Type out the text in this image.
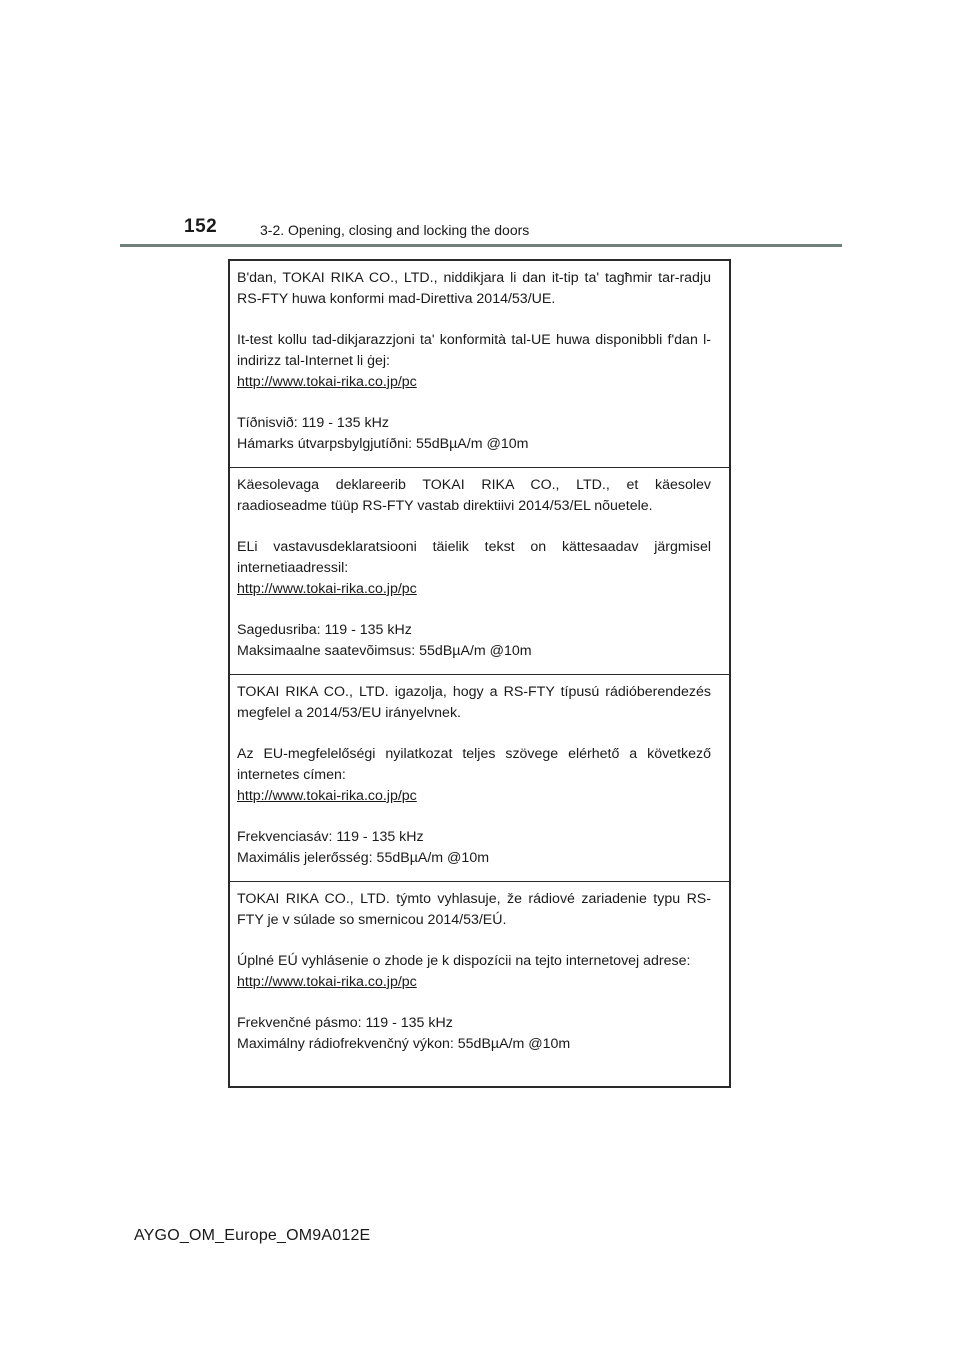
152	3-2. Opening, closing and locking the doors

B'dan, TOKAI RIKA CO., LTD., niddikjara li dan it-tip ta' tagħmir tar-radju RS-FTY huwa konformi mad-Direttiva 2014/53/UE.

It-test kollu tad-dikjarazzjoni ta' konformità tal-UE huwa disponibbli f'dan l-indirizz tal-Internet li ġej:

http://www.tokai-rika.co.jp/pc

Tíðnisvið: 119 - 135 kHz

Hámarks útvarpsbylgjutíðni: 55dBµA/m @10m

Käesolevaga deklareerib TOKAI RIKA CO., LTD., et käesolev raadioseadme tüüp RS-FTY vastab direktiivi 2014/53/EL nõuetele.

ELi vastavusdeklaratsiooni täielik tekst on kättesaadav järgmisel internetiaadressil:

http://www.tokai-rika.co.jp/pc

Sagedusriba: 119 - 135 kHz

Maksimaalne saatevõimsus: 55dBµA/m @10m

TOKAI RIKA CO., LTD. igazolja, hogy a RS-FTY típusú rádióberendezés megfelel a 2014/53/EU irányelvnek.

Az EU-megfelelőségi nyilatkozat teljes szövege elérhető a következő internetes címen:

http://www.tokai-rika.co.jp/pc

Frekvenciasáv: 119 - 135 kHz

Maximális jelerősség: 55dBµA/m @10m

TOKAI RIKA CO., LTD. týmto vyhlasuje, že rádiové zariadenie typu RS-FTY je v súlade so smernicou 2014/53/EÚ.

Úplné EÚ vyhlásenie o zhode je k dispozícii na tejto internetovej adrese:

http://www.tokai-rika.co.jp/pc

Frekvenčné pásmo: 119 - 135 kHz

Maximálny rádiofrekvenčný výkon: 55dBµA/m @10m

AYGO_OM_Europe_OM9A012E
